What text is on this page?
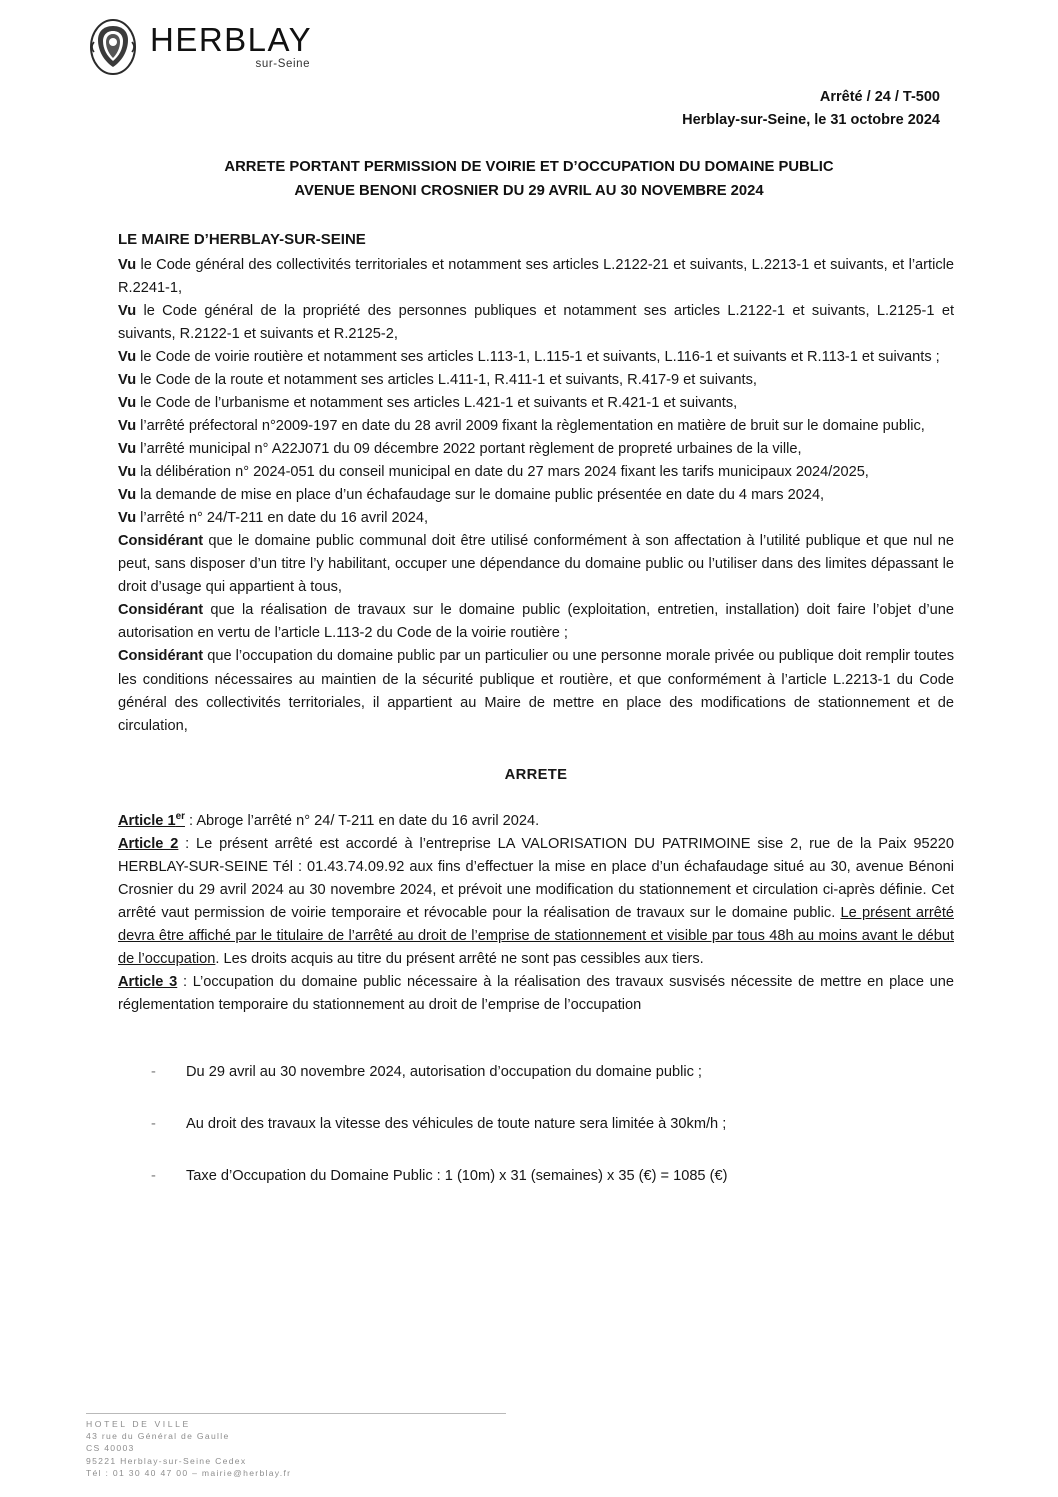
HERBLAY
sur-Seine
Arrêté / 24 / T-500
Herblay-sur-Seine, le 31 octobre 2024
ARRETE PORTANT PERMISSION DE VOIRIE ET D’OCCUPATION DU DOMAINE PUBLIC
AVENUE BENONI CROSNIER DU 29 AVRIL AU 30 NOVEMBRE 2024
LE MAIRE D’HERBLAY-SUR-SEINE

Vu le Code général des collectivités territoriales et notamment ses articles L.2122-21 et suivants, L.2213-1 et suivants, et l’article R.2241-1,

Vu le Code général de la propriété des personnes publiques et notamment ses articles L.2122-1 et suivants, L.2125-1 et suivants, R.2122-1 et suivants et R.2125-2,

Vu le Code de voirie routière et notamment ses articles L.113-1, L.115-1 et suivants, L.116-1 et suivants et R.113-1 et suivants ;

Vu le Code de la route et notamment ses articles L.411-1, R.411-1 et suivants, R.417-9 et suivants,

Vu le Code de l’urbanisme et notamment ses articles L.421-1 et suivants et R.421-1 et suivants,

Vu l’arrêté préfectoral n°2009-197 en date du 28 avril 2009 fixant la règlementation en matière de bruit sur le domaine public,

Vu l’arrêté municipal n° A22J071 du 09 décembre 2022 portant règlement de propreté urbaines de la ville,

Vu la délibération n° 2024-051 du conseil municipal en date du 27 mars 2024 fixant les tarifs municipaux 2024/2025,

Vu la demande de mise en place d’un échafaudage sur le domaine public présentée en date du 4 mars 2024,

Vu l’arrêté n° 24/T-211 en date du 16 avril 2024,

Considérant que le domaine public communal doit être utilisé conformément à son affectation à l’utilité publique et que nul ne peut, sans disposer d’un titre l’y habilitant, occuper une dépendance du domaine public ou l’utiliser dans des limites dépassant le droit d’usage qui appartient à tous,

Considérant que la réalisation de travaux sur le domaine public (exploitation, entretien, installation) doit faire l’objet d’une autorisation en vertu de l’article L.113-2 du Code de la voirie routière ;

Considérant que l’occupation du domaine public par un particulier ou une personne morale privée ou publique doit remplir toutes les conditions nécessaires au maintien de la sécurité publique et routière, et que conformément à l’article L.2213-1 du Code général des collectivités territoriales, il appartient au Maire de mettre en place des modifications de stationnement et de circulation,

ARRETE

Article 1er : Abroge l’arrêté n° 24/ T-211 en date du 16 avril 2024.

Article 2 : Le présent arrêté est accordé à l’entreprise LA VALORISATION DU PATRIMOINE sise 2, rue de la Paix 95220 HERBLAY-SUR-SEINE Tél : 01.43.74.09.92 aux fins d’effectuer la mise en place d’un échafaudage situé au 30, avenue Bénoni Crosnier du 29 avril 2024 au 30 novembre 2024, et prévoit une modification du stationnement et circulation ci-après définie. Cet arrêté vaut permission de voirie temporaire et révocable pour la réalisation de travaux sur le domaine public. Le présent arrêté devra être affiché par le titulaire de l’arrêté au droit de l’emprise de stationnement et visible par tous 48h au moins avant le début de l’occupation. Les droits acquis au titre du présent arrêté ne sont pas cessibles aux tiers.

Article 3 : L’occupation du domaine public nécessaire à la réalisation des travaux susvisés nécessite de mettre en place une réglementation temporaire du stationnement au droit de l’emprise de l’occupation

- Du 29 avril au 30 novembre 2024, autorisation d’occupation du domaine public ;
- Au droit des travaux la vitesse des véhicules de toute nature sera limitée à 30km/h ;
- Taxe d’Occupation du Domaine Public : 1 (10m) x 31 (semaines) x 35 (€) = 1085 (€)
HOTEL DE VILLE
43 rue du Général de Gaulle
CS 40003
95221 Herblay-sur-Seine Cedex
Tél : 01 30 40 47 00 – mairie@herblay.fr
